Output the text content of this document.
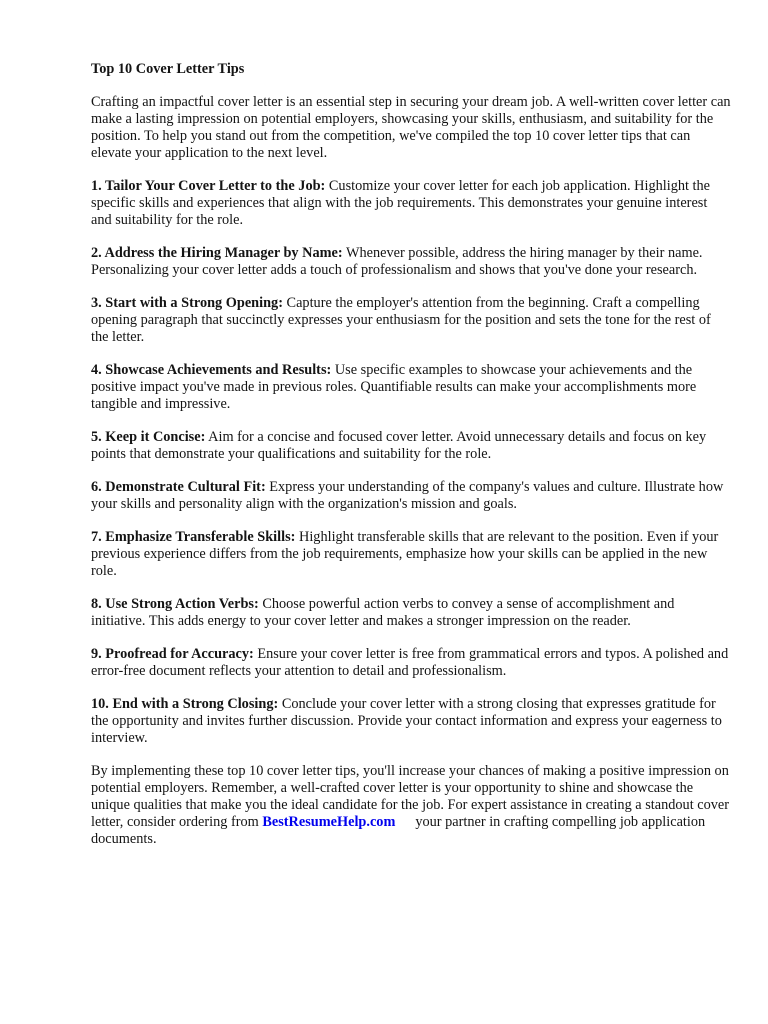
Top 10 Cover Letter Tips

Crafting an impactful cover letter is an essential step in securing your dream job. A well-written cover letter can make a lasting impression on potential employers, showcasing your skills, enthusiasm, and suitability for the position. To help you stand out from the competition, we've compiled the top 10 cover letter tips that can elevate your application to the next level.

1. Tailor Your Cover Letter to the Job: Customize your cover letter for each job application. Highlight the specific skills and experiences that align with the job requirements. This demonstrates your genuine interest and suitability for the role.

2. Address the Hiring Manager by Name: Whenever possible, address the hiring manager by their name. Personalizing your cover letter adds a touch of professionalism and shows that you've done your research.

3. Start with a Strong Opening: Capture the employer's attention from the beginning. Craft a compelling opening paragraph that succinctly expresses your enthusiasm for the position and sets the tone for the rest of the letter.

4. Showcase Achievements and Results: Use specific examples to showcase your achievements and the positive impact you've made in previous roles. Quantifiable results can make your accomplishments more tangible and impressive.

5. Keep it Concise: Aim for a concise and focused cover letter. Avoid unnecessary details and focus on key points that demonstrate your qualifications and suitability for the role.

6. Demonstrate Cultural Fit: Express your understanding of the company's values and culture. Illustrate how your skills and personality align with the organization's mission and goals.

7. Emphasize Transferable Skills: Highlight transferable skills that are relevant to the position. Even if your previous experience differs from the job requirements, emphasize how your skills can be applied in the new role.

8. Use Strong Action Verbs: Choose powerful action verbs to convey a sense of accomplishment and initiative. This adds energy to your cover letter and makes a stronger impression on the reader.

9. Proofread for Accuracy: Ensure your cover letter is free from grammatical errors and typos. A polished and error-free document reflects your attention to detail and professionalism.

10. End with a Strong Closing: Conclude your cover letter with a strong closing that expresses gratitude for the opportunity and invites further discussion. Provide your contact information and express your eagerness to interview.

By implementing these top 10 cover letter tips, you'll increase your chances of making a positive impression on potential employers. Remember, a well-crafted cover letter is your opportunity to shine and showcase the unique qualities that make you the ideal candidate for the job. For expert assistance in creating a standout cover letter, consider ordering from BestResumeHelp.com your partner in crafting compelling job application documents.
